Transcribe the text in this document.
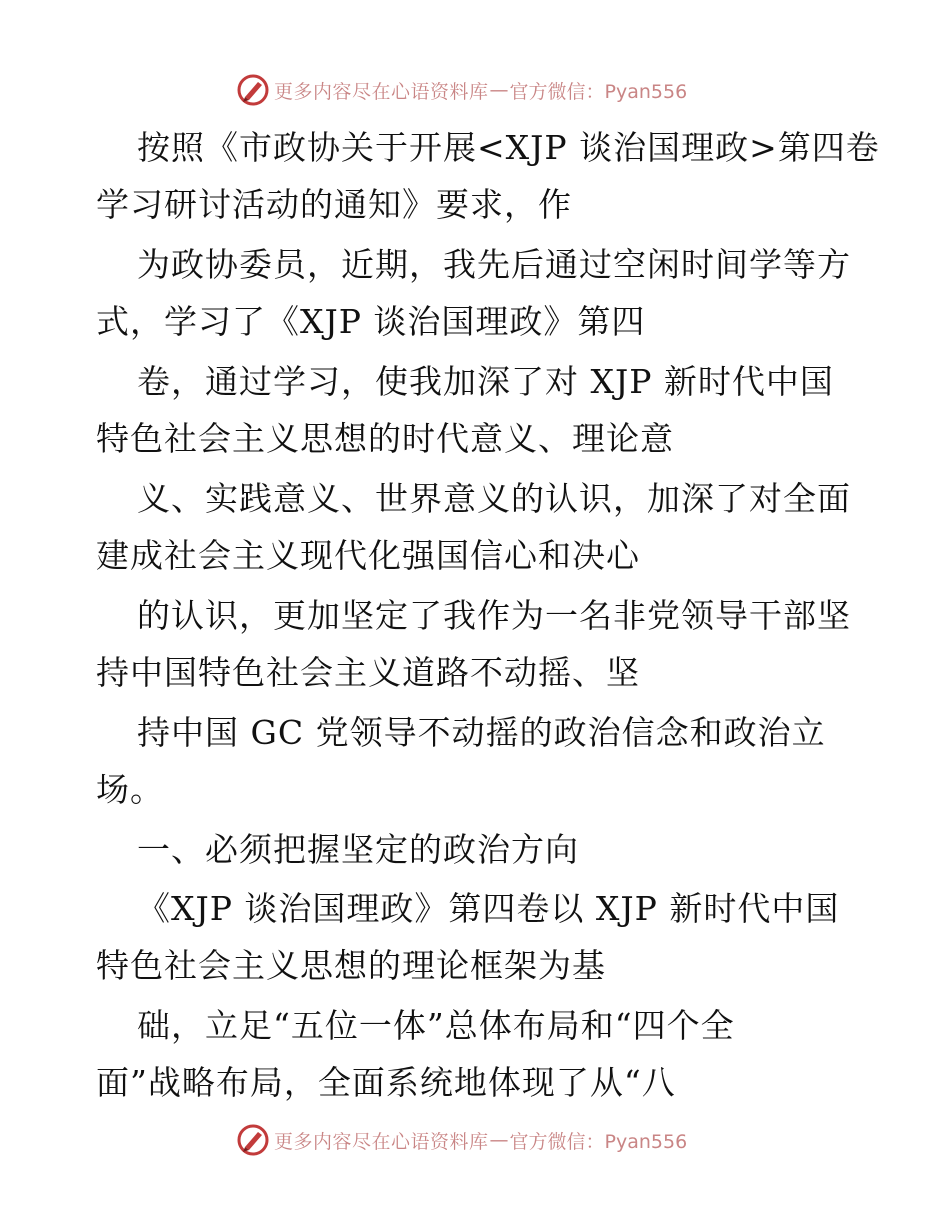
更多内容尽在心语资料库 — 官方微信：Pyan556
按照《市政协关于开展<XJP 谈治国理政>第四卷
学习研讨活动的通知》要求，作
为政协委员，近期，我先后通过空闲时间学等方
式，学习了《XJP 谈治国理政》第四
卷，通过学习，使我加深了对 XJP 新时代中国
特色社会主义思想的时代意义、理论意
义、实践意义、世界意义的认识，加深了对全面
建成社会主义现代化强国信心和决心
的认识，更加坚定了我作为一名非党领导干部坚
持中国特色社会主义道路不动摇、坚
持中国 GC 党领导不动摇的政治信念和政治立
场。
一、必须把握坚定的政治方向
《XJP 谈治国理政》第四卷以 XJP 新时代中国
特色社会主义思想的理论框架为基
础，立足“五位一体”总体布局和“四个全
面”战略布局，全面系统地体现了从“八
更多内容尽在心语资料库 — 官方微信：Pyan556
